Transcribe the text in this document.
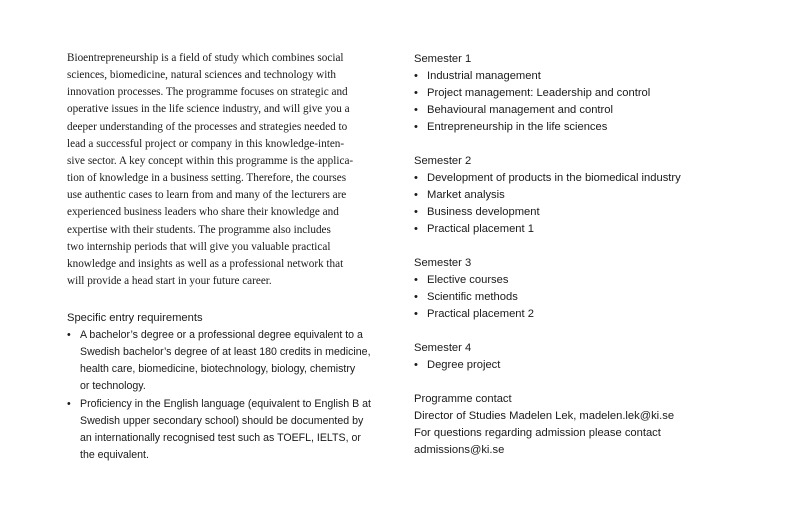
Bioentrepreneurship is a field of study which combines social
sciences, biomedicine, natural sciences and technology with
innovation processes. The programme focuses on strategic and
operative issues in the life science industry, and will give you a
deeper understanding of the processes and strategies needed to
lead a successful project or company in this knowledge-inten-
sive sector. A key concept within this programme is the applica-
tion of knowledge in a business setting. Therefore, the courses
use authentic cases to learn from and many of the lecturers are
experienced business leaders who share their knowledge and
expertise with their students. The programme also includes
two internship periods that will give you valuable practical
knowledge and insights as well as a professional network that
will provide a head start in your future career.

Specific entry requirements

• A bachelor’s degree or a professional degree equivalent to a
Swedish bachelor’s degree of at least 180 credits in medicine,
health care, biomedicine, biotechnology, biology, chemistry
or technology.
• Proficiency in the English language (equivalent to English B at
Swedish upper secondary school) should be documented by
an internationally recognised test such as TOEFL, IELTS, or
the equivalent.

Semester 1

• Industrial management
• Project management: Leadership and control
• Behavioural management and control
• Entrepreneurship in the life sciences

Semester 2

• Development of products in the biomedical industry
• Market analysis
• Business development
• Practical placement 1

Semester 3

• Elective courses
• Scientific methods
• Practical placement 2

Semester 4

• Degree project

Programme contact

Director of Studies Madelen Lek, madelen.lek@ki.se

For questions regarding admission please contact

admissions@ki.se
